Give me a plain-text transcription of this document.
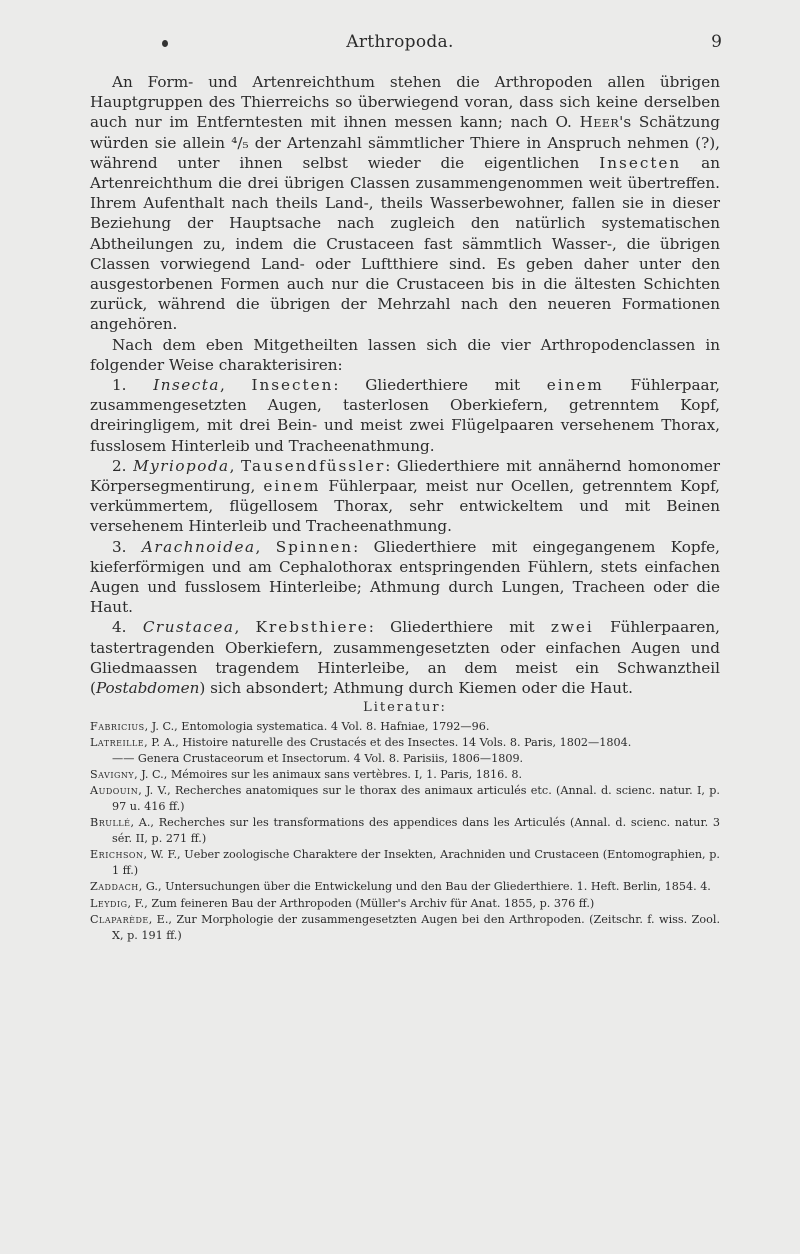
Arthropoda.	9

An Form- und Artenreichthum stehen die Arthropoden allen übrigen Hauptgruppen des Thierreichs so überwiegend voran, dass sich keine derselben auch nur im Entferntesten mit ihnen messen kann; nach O. Heer's Schätzung würden sie allein ⁴/₅ der Artenzahl sämmtlicher Thiere in Anspruch nehmen (?), während unter ihnen selbst wieder die eigentlichen Insecten an Artenreichthum die drei übrigen Classen zusammengenommen weit übertreffen. Ihrem Aufenthalt nach theils Land-, theils Wasserbewohner, fallen sie in dieser Beziehung der Hauptsache nach zugleich den natürlich systematischen Abtheilungen zu, indem die Crustaceen fast sämmtlich Wasser-, die übrigen Classen vorwiegend Land- oder Luftthiere sind. Es geben daher unter den ausgestorbenen Formen auch nur die Crustaceen bis in die ältesten Schichten zurück, während die übrigen der Mehrzahl nach den neueren Formationen angehören.

Nach dem eben Mitgetheilten lassen sich die vier Arthropodenclassen in folgender Weise charakterisiren:

1. Insecta, Insecten: Gliederthiere mit einem Fühlerpaar, zusammengesetzten Augen, tasterlosen Oberkiefern, getrenntem Kopf, dreiringligem, mit drei Bein- und meist zwei Flügelpaaren versehenem Thorax, fusslosem Hinterleib und Tracheenathmung.

2. Myriopoda, Tausendfüssler: Gliederthiere mit annähernd homonomer Körpersegmentirung, einem Fühlerpaar, meist nur Ocellen, getrenntem Kopf, verkümmertem, flügellosem Thorax, sehr entwickeltem und mit Beinen versehenem Hinterleib und Tracheenathmung.

3. Arachnoidea, Spinnen: Gliederthiere mit eingegangenem Kopfe, kieferförmigen und am Cephalothorax entspringenden Fühlern, stets einfachen Augen und fusslosem Hinterleibe; Athmung durch Lungen, Tracheen oder die Haut.

4. Crustacea, Krebsthiere: Gliederthiere mit zwei Fühlerpaaren, tastertragenden Oberkiefern, zusammengesetzten oder einfachen Augen und Gliedmaassen tragendem Hinterleibe, an dem meist ein Schwanztheil (Postabdomen) sich absondert; Athmung durch Kiemen oder die Haut.

Literatur:

Fabricius, J. C., Entomologia systematica. 4 Vol. 8. Hafniae, 1792—96.

Latreille, P. A., Histoire naturelle des Crustacés et des Insectes. 14 Vols. 8. Paris, 1802—1804.

—— Genera Crustaceorum et Insectorum. 4 Vol. 8. Parisiis, 1806—1809.

Savigny, J. C., Mémoires sur les animaux sans vertèbres. I, 1. Paris, 1816. 8.

Audouin, J. V., Recherches anatomiques sur le thorax des animaux articulés etc. (Annal. d. scienc. natur. I, p. 97 u. 416 ff.)

Brullé, A., Recherches sur les transformations des appendices dans les Articulés (Annal. d. scienc. natur. 3 sér. II, p. 271 ff.)

Erichson, W. F., Ueber zoologische Charaktere der Insekten, Arachniden und Crustaceen (Entomographien, p. 1 ff.)

Zaddach, G., Untersuchungen über die Entwickelung und den Bau der Gliederthiere. 1. Heft. Berlin, 1854. 4.

Leydig, F., Zum feineren Bau der Arthropoden (Müller's Archiv für Anat. 1855, p. 376 ff.)

Claparède, E., Zur Morphologie der zusammengesetzten Augen bei den Arthropoden. (Zeitschr. f. wiss. Zool. X, p. 191 ff.)
